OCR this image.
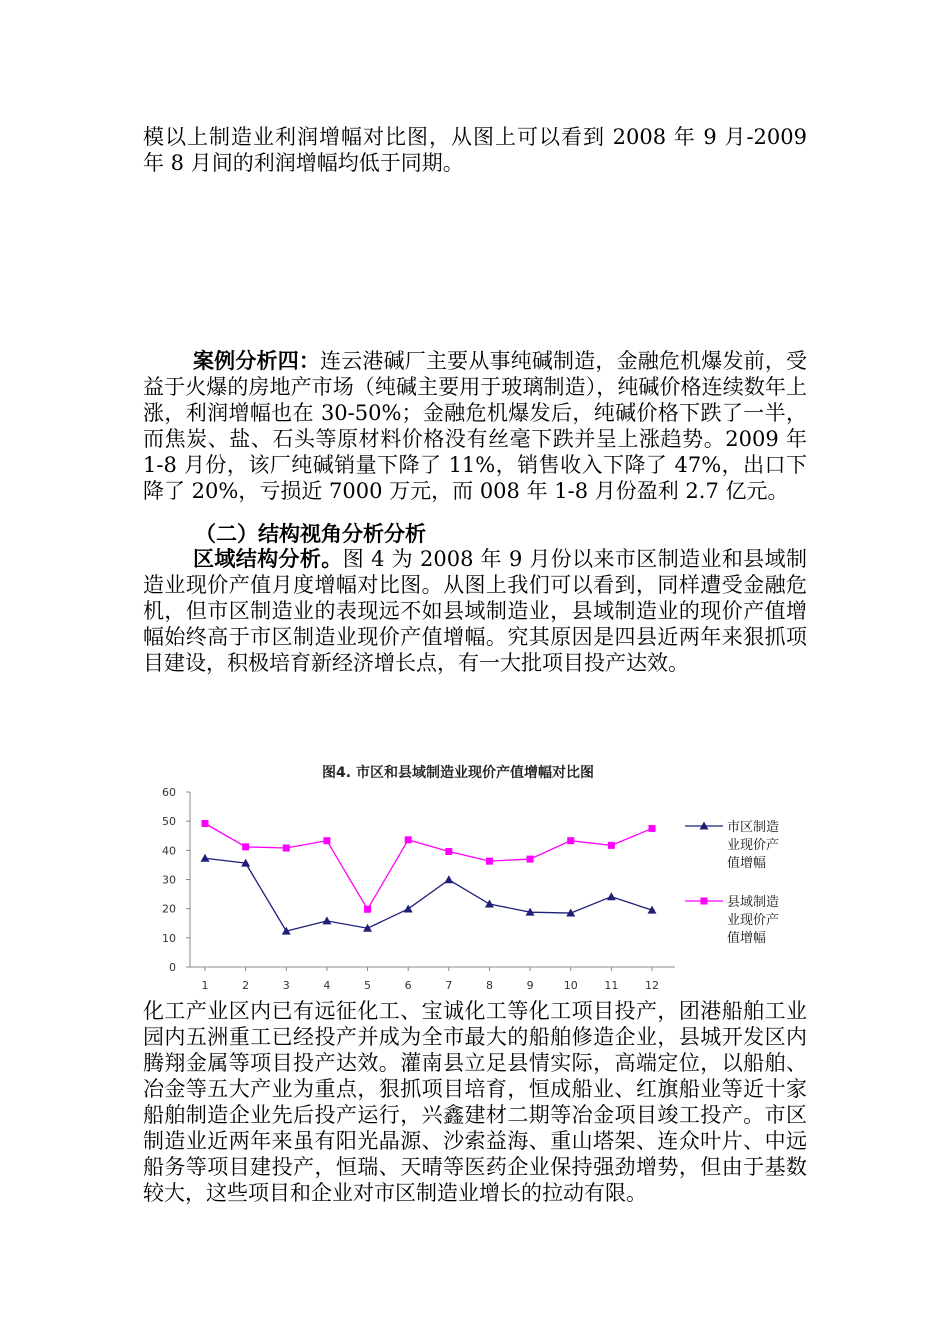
模以上制造业利润增幅对比图，从图上可以看到 2008 年 9 月-2009 年 8 月间的利润增幅均低于同期。

案例分析四：连云港碱厂主要从事纯碱制造，金融危机爆发前，受益于火爆的房地产市场（纯碱主要用于玻璃制造），纯碱价格连续数年上涨，利润增幅也在 30-50%；金融危机爆发后，纯碱价格下跌了一半，而焦炭、盐、石头等原材料价格没有丝毫下跌并呈上涨趋势。2009 年 1-8 月份，该厂纯碱销量下降了 11%，销售收入下降了 47%，出口下降了 20%，亏损近 7000 万元，而 008 年 1-8 月份盈利 2.7 亿元。

（二）结构视角分析分析

区域结构分析。图 4 为 2008 年 9 月份以来市区制造业和县域制造业现价产值月度增幅对比图。从图上我们可以看到，同样遭受金融危机，但市区制造业的表现远不如县域制造业，县域制造业的现价产值增幅始终高于市区制造业现价产值增幅。究其原因是四县近两年来狠抓项目建设，积极培育新经济增长点，有一大批项目投产达效。

图4. 市区和县域制造业现价产值增幅对比图
0
10
20
30
40
50
60
1	2	3	4	5	6	7	8	9	10 11 12
市区制造
业现价产
值增幅
县域制造
业现价产
值增幅

化工产业区内已有远征化工、宝诚化工等化工项目投产，团港船舶工业园内五洲重工已经投产并成为全市最大的船舶修造企业，县城开发区内腾翔金属等项目投产达效。灌南县立足县情实际，高端定位，以船舶、冶金等五大产业为重点，狠抓项目培育，恒成船业、红旗船业等近十家船舶制造企业先后投产运行，兴鑫建材二期等冶金项目竣工投产。市区制造业近两年来虽有阳光晶源、沙索益海、重山塔架、连众叶片、中远船务等项目建投产，恒瑞、天晴等医药企业保持强劲增势，但由于基数较大，这些项目和企业对市区制造业增长的拉动有限。
